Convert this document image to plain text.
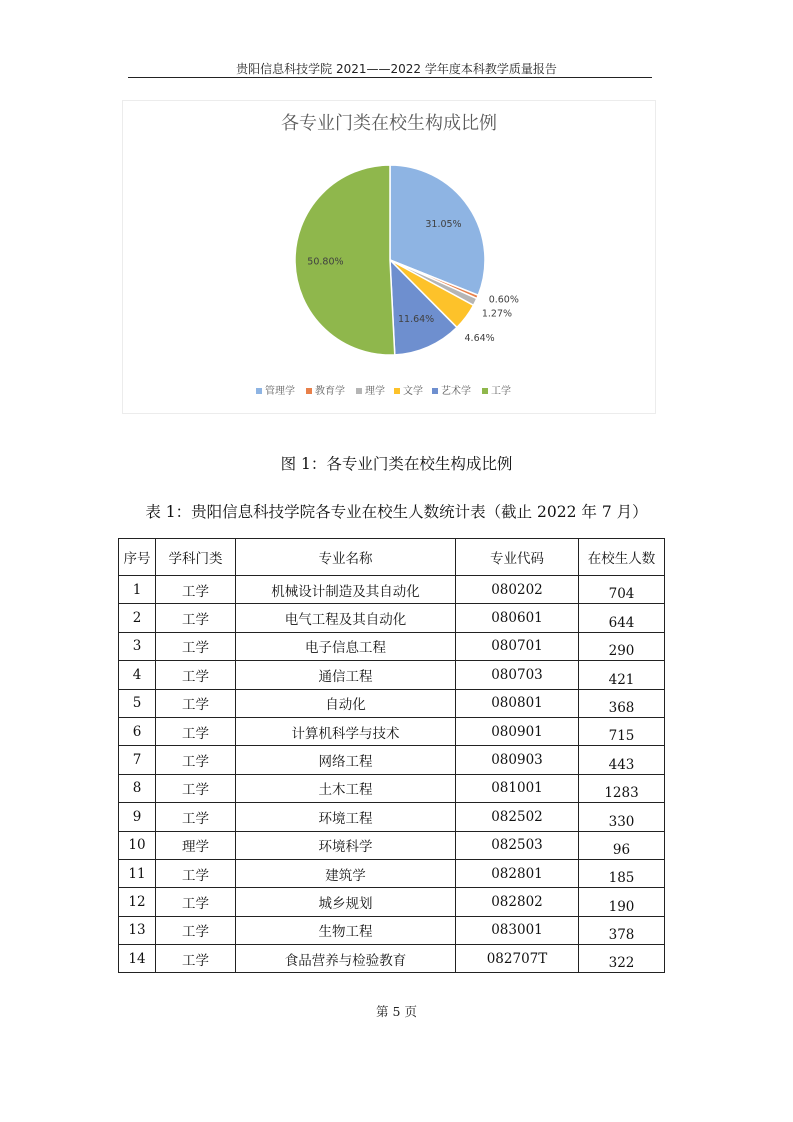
贵阳信息科技学院 2021——2022 学年度本科教学质量报告
各专业门类在校生构成比例
31.05%
0.60%
1.27%
4.64%
11.64%
50.80%
管理学 教育学 理学 文学 艺术学 工学
图 1：各专业门类在校生构成比例
表 1：贵阳信息科技学院各专业在校生人数统计表（截止 2022 年 7 月）
序号	学科门类	专业名称	专业代码	在校生人数
1	工学	机械设计制造及其自动化	080202	704
2	工学	电气工程及其自动化	080601	644
3	工学	电子信息工程	080701	290
4	工学	通信工程	080703	421
5	工学	自动化	080801	368
6	工学	计算机科学与技术	080901	715
7	工学	网络工程	080903	443
8	工学	土木工程	081001	1283
9	工学	环境工程	082502	330
10	理学	环境科学	082503	96
11	工学	建筑学	082801	185
12	工学	城乡规划	082802	190
13	工学	生物工程	083001	378
14	工学	食品营养与检验教育	082707T	322
第 5 页
